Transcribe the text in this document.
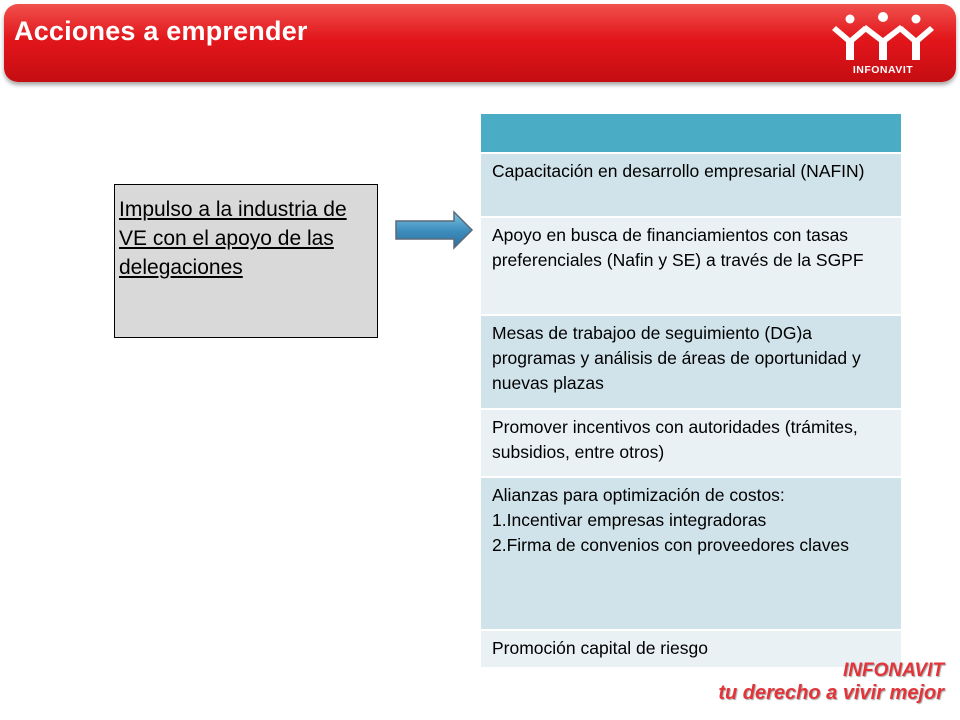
Acciones a emprender
INFONAVIT
Impulso a la industria de VE con el apoyo de las delegaciones
Capacitación en desarrollo empresarial (NAFIN)
Apoyo en busca de financiamientos con tasas preferenciales (Nafin y SE) a través de la SGPF
Mesas de trabajoo de seguimiento (DG)a programas y análisis de áreas de oportunidad y nuevas plazas
Promover incentivos con autoridades (trámites, subsidios, entre otros)
Alianzas para optimización de costos:
1.Incentivar empresas integradoras
2.Firma de convenios con proveedores claves
Promoción capital de riesgo
INFONAVIT
tu derecho a vivir mejor
